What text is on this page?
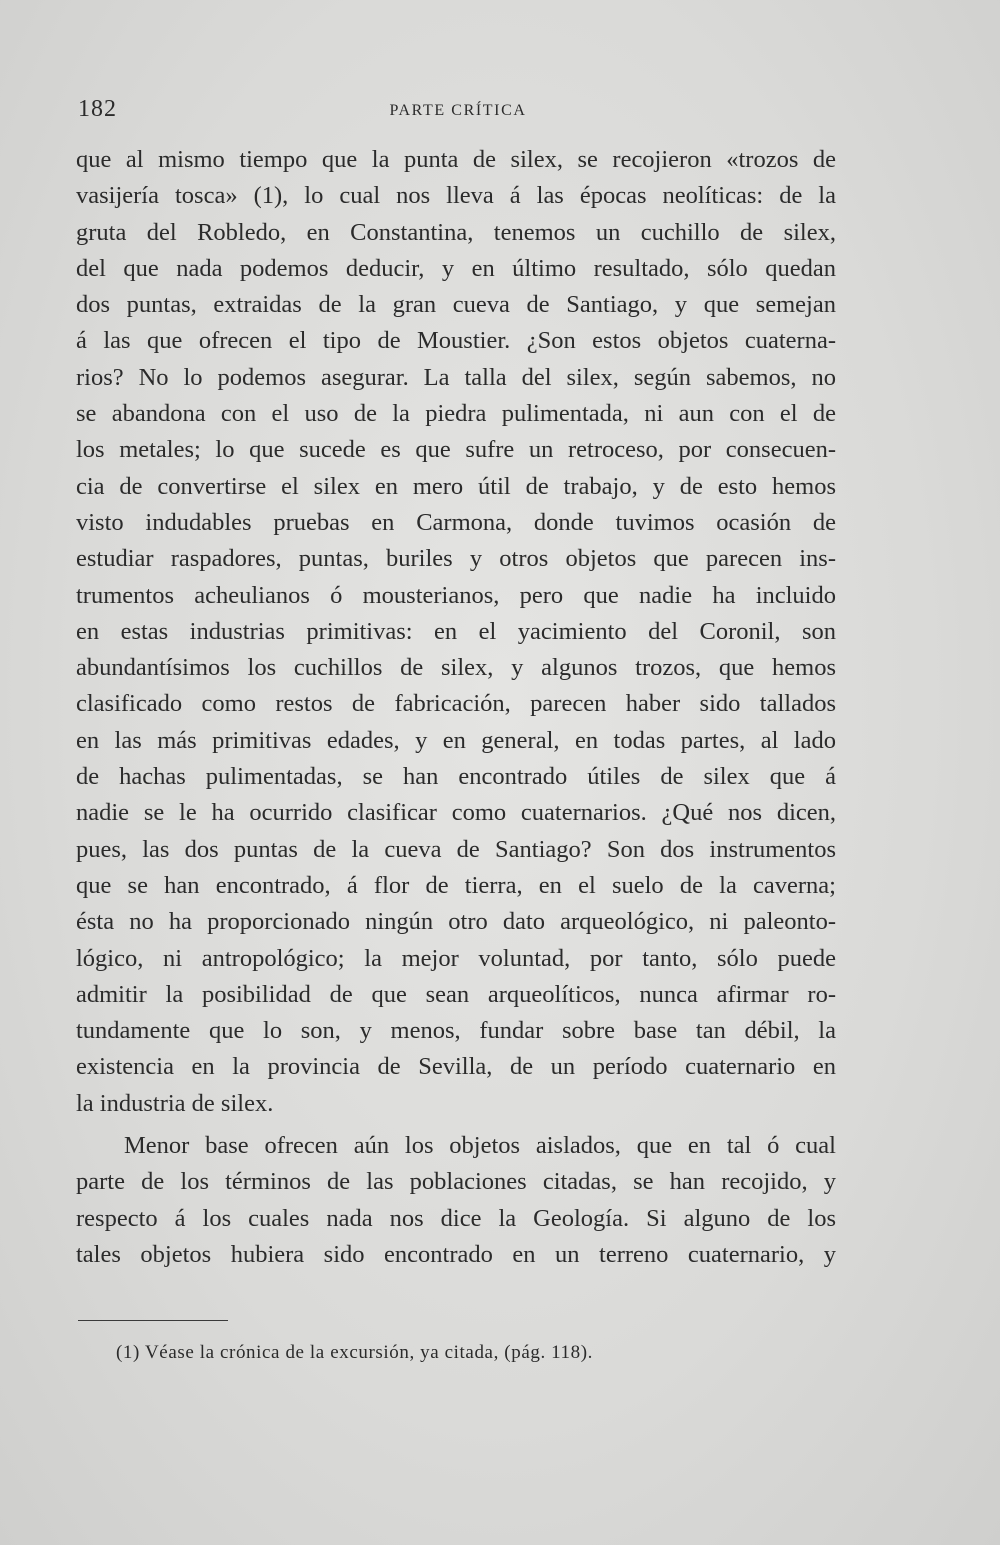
182	PARTE CRÍTICA
que al mismo tiempo que la punta de silex, se recojieron «trozos de
vasijería tosca» (1), lo cual nos lleva á las épocas neolíticas: de la
gruta del Robledo, en Constantina, tenemos un cuchillo de silex,
del que nada podemos deducir, y en último resultado, sólo quedan
dos puntas, extraidas de la gran cueva de Santiago, y que semejan
á las que ofrecen el tipo de Moustier. ¿Son estos objetos cuaterna-
rios? No lo podemos asegurar. La talla del silex, según sabemos, no
se abandona con el uso de la piedra pulimentada, ni aun con el de
los metales; lo que sucede es que sufre un retroceso, por consecuen-
cia de convertirse el silex en mero útil de trabajo, y de esto hemos
visto indudables pruebas en Carmona, donde tuvimos ocasión de
estudiar raspadores, puntas, buriles y otros objetos que parecen ins-
trumentos acheulianos ó mousterianos, pero que nadie ha incluido
en estas industrias primitivas: en el yacimiento del Coronil, son
abundantísimos los cuchillos de silex, y algunos trozos, que hemos
clasificado como restos de fabricación, parecen haber sido tallados
en las más primitivas edades, y en general, en todas partes, al lado
de hachas pulimentadas, se han encontrado útiles de silex que á
nadie se le ha ocurrido clasificar como cuaternarios. ¿Qué nos dicen,
pues, las dos puntas de la cueva de Santiago? Son dos instrumentos
que se han encontrado, á flor de tierra, en el suelo de la caverna;
ésta no ha proporcionado ningún otro dato arqueológico, ni paleonto-
lógico, ni antropológico; la mejor voluntad, por tanto, sólo puede
admitir la posibilidad de que sean arqueolíticos, nunca afirmar ro-
tundamente que lo son, y menos, fundar sobre base tan débil, la
existencia en la provincia de Sevilla, de un período cuaternario en
la industria de silex.
Menor base ofrecen aún los objetos aislados, que en tal ó cual
parte de los términos de las poblaciones citadas, se han recojido, y
respecto á los cuales nada nos dice la Geología. Si alguno de los
tales objetos hubiera sido encontrado en un terreno cuaternario, y
(1) Véase la crónica de la excursión, ya citada, (pág. 118).
